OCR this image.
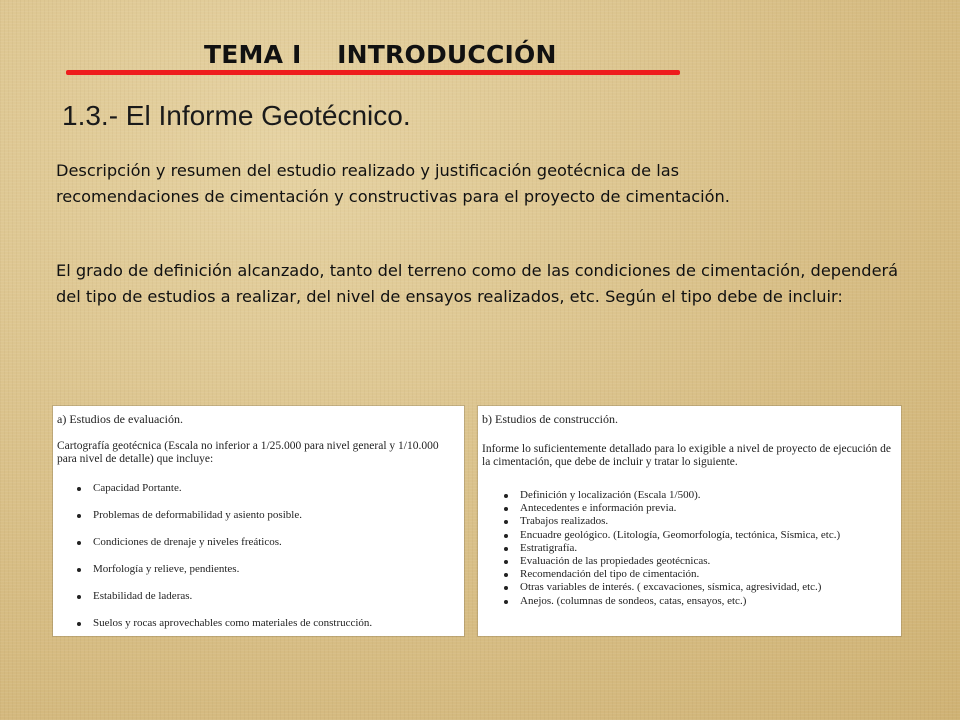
TEMA I    INTRODUCCIÓN
1.3.- El Informe Geotécnico.
Descripción y resumen del estudio realizado y justificación geotécnica de las recomendaciones de cimentación y constructivas para el proyecto de cimentación.
El grado de definición alcanzado, tanto del terreno como de las condiciones de cimentación, dependerá del tipo de estudios a realizar, del nivel de ensayos realizados, etc. Según el tipo debe de incluir:
a) Estudios de evaluación.
Cartografía geotécnica (Escala no inferior a 1/25.000 para nivel general y 1/10.000 para nivel de detalle) que incluye:
Capacidad Portante.
Problemas de deformabilidad y asiento posible.
Condiciones de drenaje y niveles freáticos.
Morfología y relieve, pendientes.
Estabilidad de laderas.
Suelos y rocas aprovechables como materiales de construcción.
b) Estudios de construcción.
Informe lo suficientemente detallado para lo exigible a nivel de proyecto de ejecución de la cimentación, que debe de incluir y tratar lo siguiente.
Definición y localización (Escala 1/500).
Antecedentes e información previa.
Trabajos realizados.
Encuadre geológico. (Litología, Geomorfología, tectónica, Sísmica, etc.)
Estratigrafía.
Evaluación de las propiedades geotécnicas.
Recomendación del tipo de cimentación.
Otras variables de interés. ( excavaciones, sísmica, agresividad, etc.)
Anejos. (columnas de sondeos, catas, ensayos, etc.)
